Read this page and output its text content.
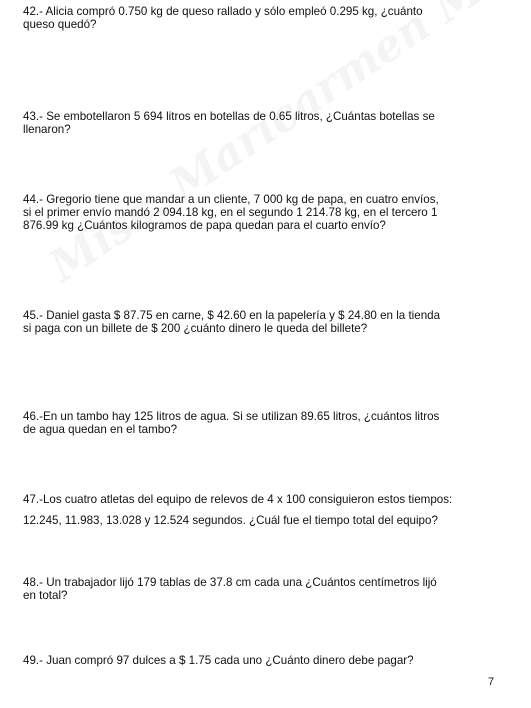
42.- Alicia compró 0.750 kg de queso rallado y sólo empleó 0.295 kg, ¿cuánto
queso quedó?

43.- Se embotellaron 5 694 litros en botellas de 0.65 litros, ¿Cuántas botellas se
llenaron?

44.- Gregorio tiene que mandar a un cliente, 7 000 kg de papa, en cuatro envíos,
si el primer envío mandó 2 094.18 kg, en el segundo 1 214.78 kg, en el tercero 1
876.99 kg ¿Cuántos kilogramos de papa quedan para el cuarto envío?

45.- Daniel gasta $ 87.75 en carne, $ 42.60 en la papelería y $ 24.80 en la tienda
si paga con un billete de $ 200 ¿cuánto dinero le queda del billete?

46.-En un tambo hay 125 litros de agua. Si se utilizan 89.65 litros, ¿cuántos litros
de agua quedan en el tambo?

47.-Los cuatro atletas del equipo de relevos de 4 x 100 consiguieron estos tiempos:
12.245, 11.983, 13.028 y 12.524 segundos. ¿Cuál fue el tiempo total del equipo?

48.- Un trabajador lijó 179 tablas de 37.8 cm cada una ¿Cuántos centímetros lijó
en total?

49.- Juan compró 97 dulces a $ 1.75 cada uno ¿Cuánto dinero debe pagar?

7
